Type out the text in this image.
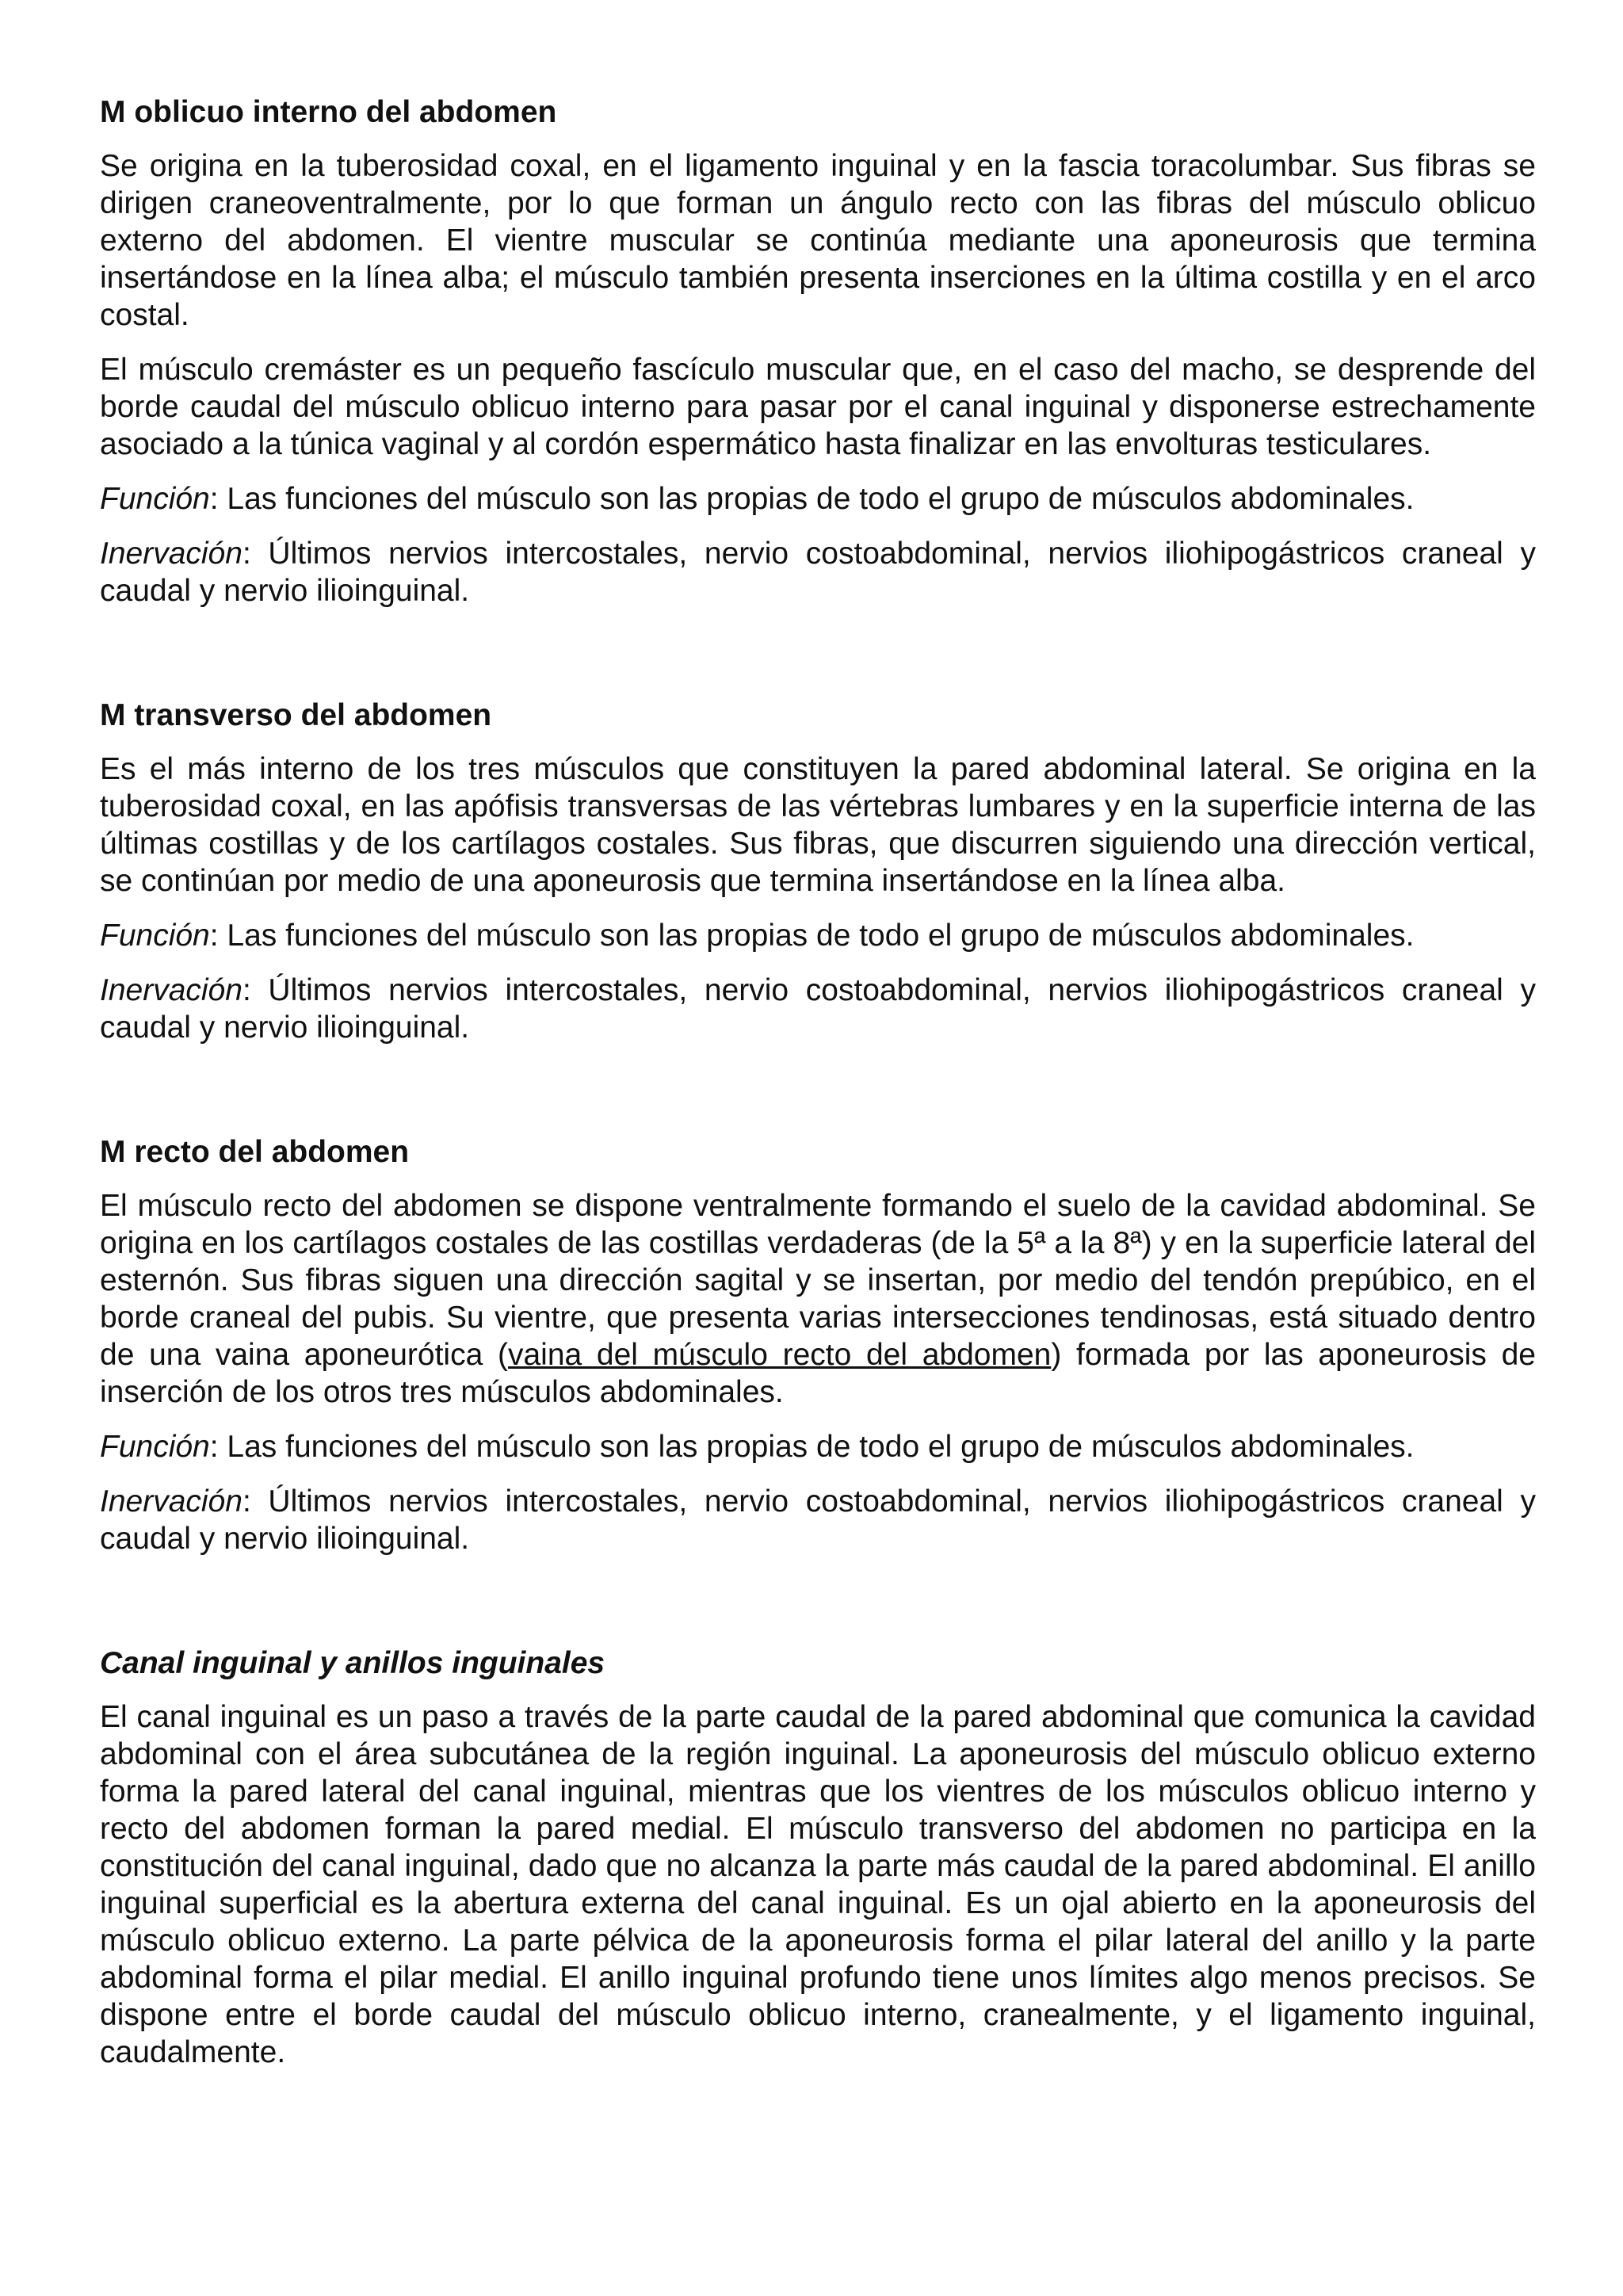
M oblicuo interno del abdomen

Se origina en la tuberosidad coxal, en el ligamento inguinal y en la fascia toracolumbar. Sus fibras se dirigen craneoventralmente, por lo que forman un ángulo recto con las fibras del músculo oblicuo externo del abdomen. El vientre muscular se continúa mediante una aponeurosis que termina insertándose en la línea alba; el músculo también presenta inserciones en la última costilla y en el arco costal.

El músculo cremáster es un pequeño fascículo muscular que, en el caso del macho, se desprende del borde caudal del músculo oblicuo interno para pasar por el canal inguinal y disponerse estrechamente asociado a la túnica vaginal y al cordón espermático hasta finalizar en las envolturas testiculares.

Función: Las funciones del músculo son las propias de todo el grupo de músculos abdominales.

Inervación: Últimos nervios intercostales, nervio costoabdominal, nervios iliohipogástricos craneal y caudal y nervio ilioinguinal.

M transverso del abdomen

Es el más interno de los tres músculos que constituyen la pared abdominal lateral. Se origina en la tuberosidad coxal, en las apófisis transversas de las vértebras lumbares y en la superficie interna de las últimas costillas y de los cartílagos costales. Sus fibras, que discurren siguiendo una dirección vertical, se continúan por medio de una aponeurosis que termina insertándose en la línea alba.

Función: Las funciones del músculo son las propias de todo el grupo de músculos abdominales.

Inervación: Últimos nervios intercostales, nervio costoabdominal, nervios iliohipogástricos craneal y caudal y nervio ilioinguinal.

M recto del abdomen

El músculo recto del abdomen se dispone ventralmente formando el suelo de la cavidad abdominal. Se origina en los cartílagos costales de las costillas verdaderas (de la 5ª a la 8ª) y en la superficie lateral del esternón. Sus fibras siguen una dirección sagital y se insertan, por medio del tendón prepúbico, en el borde craneal del pubis. Su vientre, que presenta varias intersecciones tendinosas, está situado dentro de una vaina aponeurótica (vaina del músculo recto del abdomen) formada por las aponeurosis de inserción de los otros tres músculos abdominales.

Función: Las funciones del músculo son las propias de todo el grupo de músculos abdominales.

Inervación: Últimos nervios intercostales, nervio costoabdominal, nervios iliohipogástricos craneal y caudal y nervio ilioinguinal.

Canal inguinal y anillos inguinales

El canal inguinal es un paso a través de la parte caudal de la pared abdominal que comunica la cavidad abdominal con el área subcutánea de la región inguinal. La aponeurosis del músculo oblicuo externo forma la pared lateral del canal inguinal, mientras que los vientres de los músculos oblicuo interno y recto del abdomen forman la pared medial. El músculo transverso del abdomen no participa en la constitución del canal inguinal, dado que no alcanza la parte más caudal de la pared abdominal. El anillo inguinal superficial es la abertura externa del canal inguinal. Es un ojal abierto en la aponeurosis del músculo oblicuo externo. La parte pélvica de la aponeurosis forma el pilar lateral del anillo y la parte abdominal forma el pilar medial. El anillo inguinal profundo tiene unos límites algo menos precisos. Se dispone entre el borde caudal del músculo oblicuo interno, cranealmente, y el ligamento inguinal, caudalmente.
